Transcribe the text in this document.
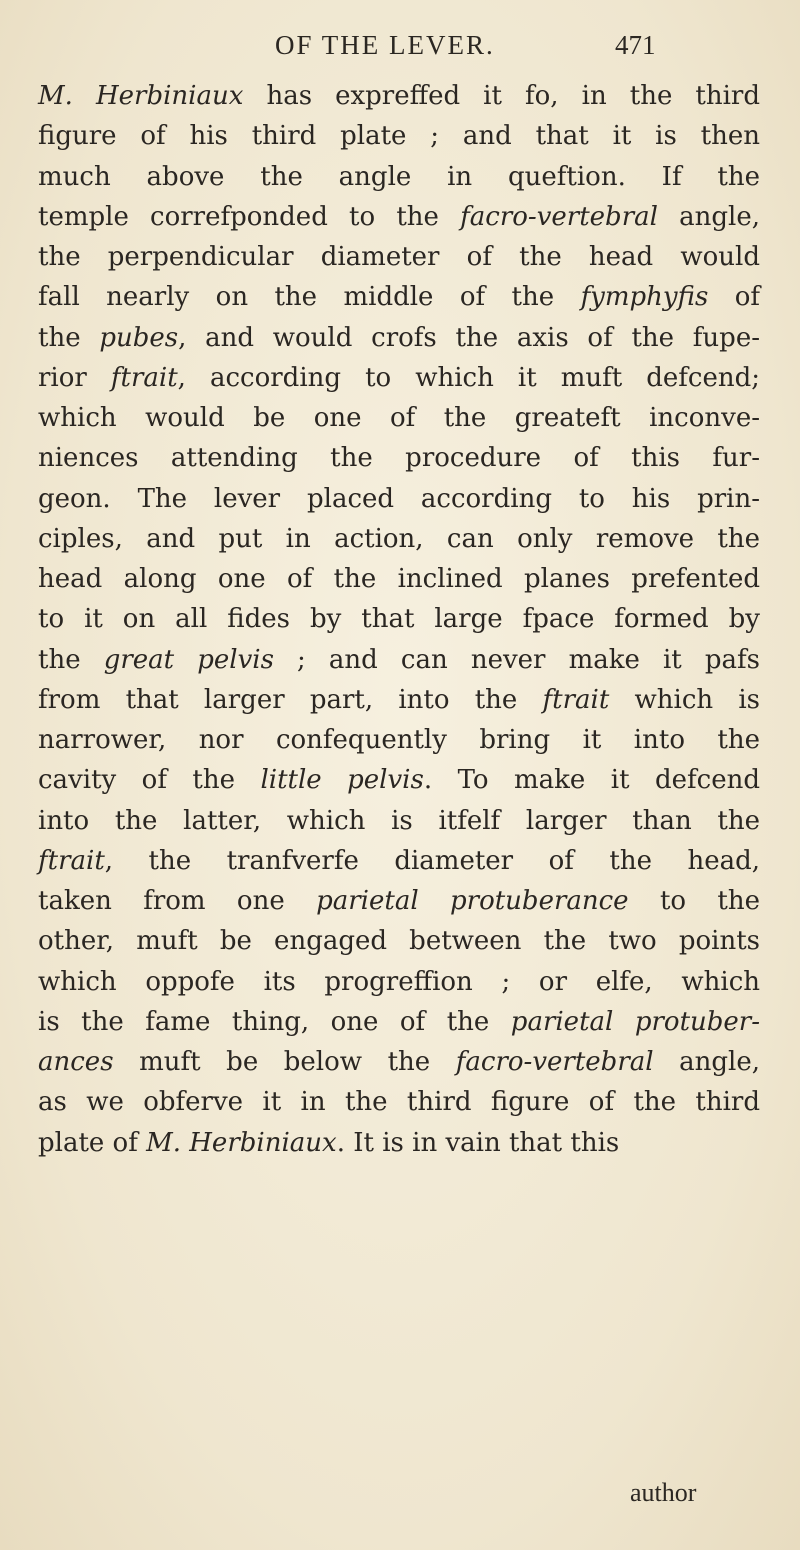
OF THE LEVER.	471
M. Herbiniaux has expreffed it fo, in the third
figure of his third plate ; and that it is then
much above the angle in queftion. If the
temple correfponded to the facro-vertebral angle,
the perpendicular diameter of the head would
fall nearly on the middle of the fymphyfis of
the pubes, and would crofs the axis of the fupe-
rior ftrait, according to which it muft defcend;
which would be one of the greateft inconve-
niences attending the procedure of this fur-
geon. The lever placed according to his prin-
ciples, and put in action, can only remove the
head along one of the inclined planes prefented
to it on all fides by that large fpace formed by
the great pelvis ; and can never make it pafs
from that larger part, into the ftrait which is
narrower, nor confequently bring it into the
cavity of the little pelvis. To make it defcend
into the latter, which is itfelf larger than the
ftrait, the tranfverfe diameter of the head,
taken from one parietal protuberance to the
other, muft be engaged between the two points
which oppofe its progreffion ; or elfe, which
is the fame thing, one of the parietal protuber-
ances muft be below the facro-vertebral angle,
as we obferve it in the third figure of the third
plate of M. Herbiniaux. It is in vain that this
author
